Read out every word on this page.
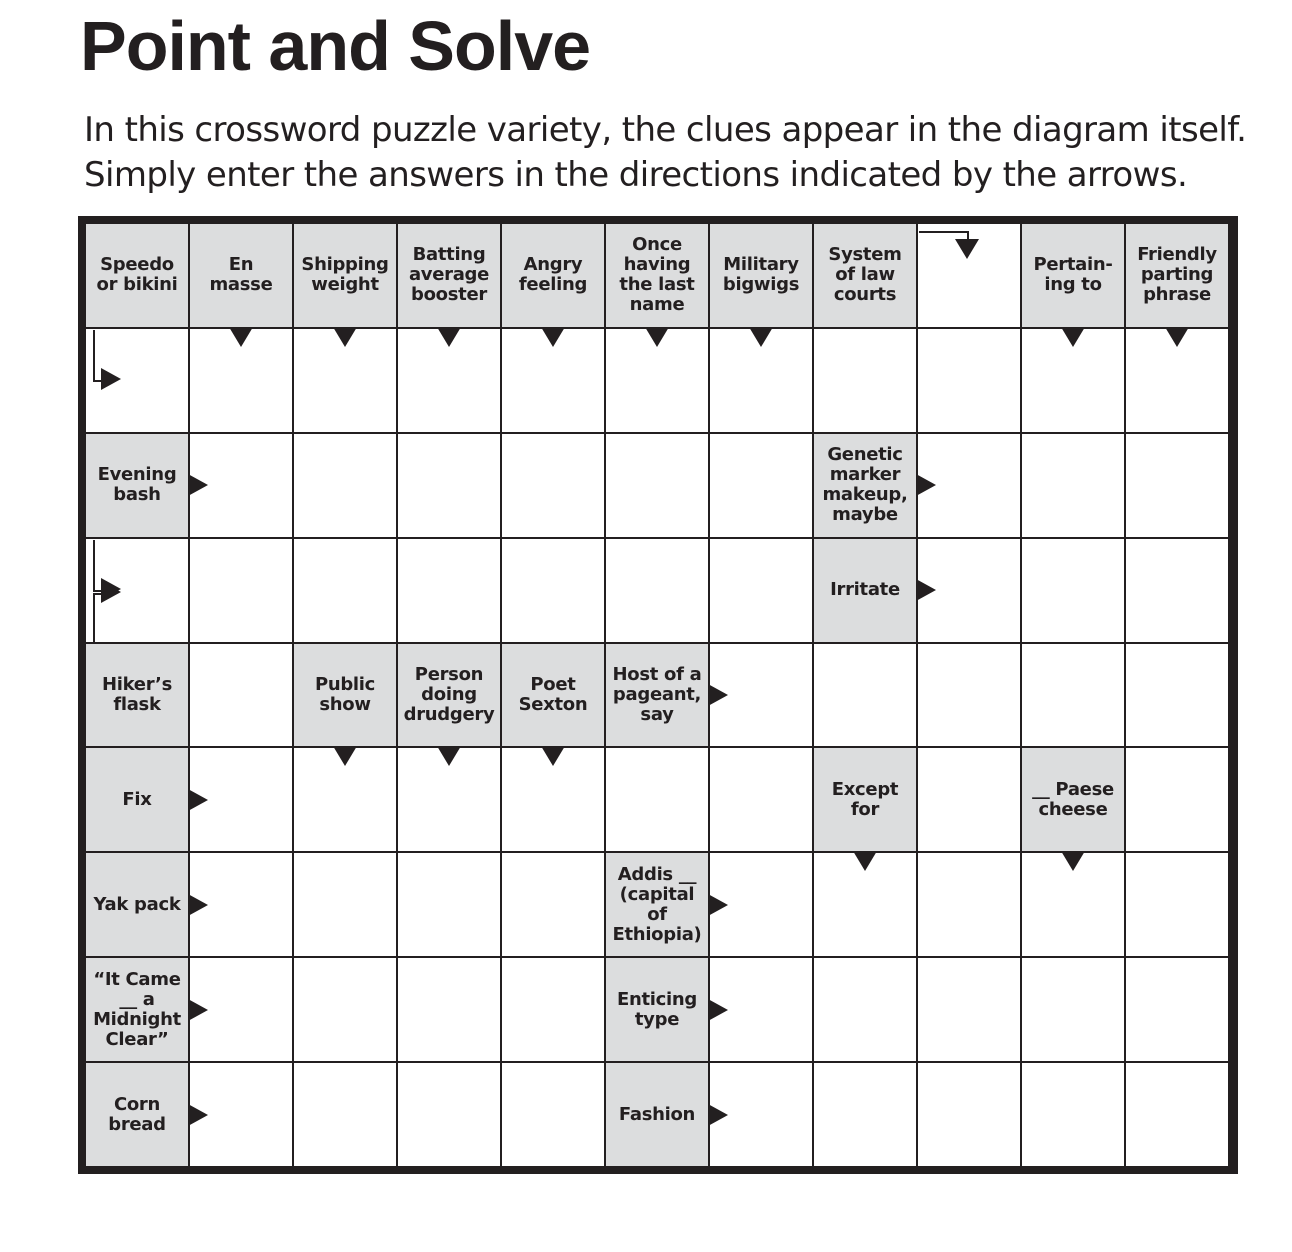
Point and Solve
In this crossword puzzle variety, the clues appear in the diagram itself.
Simply enter the answers in the directions indicated by the arrows.
Speedo
or bikini
En
masse
Shipping
weight
Batting
average
booster
Angry
feeling
Once
having
the last
name
Military
bigwigs
System
of law
courts
Pertain-
ing to
Friendly
parting
phrase
Evening
bash
Genetic
marker
makeup,
maybe
Irritate
Hiker’s
flask
Public
show
Person
doing
drudgery
Poet
Sexton
Host of a
pageant,
say
Fix	Except
for
__ Paese
cheese
Yak pack
Addis __
(capital
of
Ethiopia)
“It Came
__ a
Midnight
Clear”
Enticing
type
Corn
bread	Fashion
